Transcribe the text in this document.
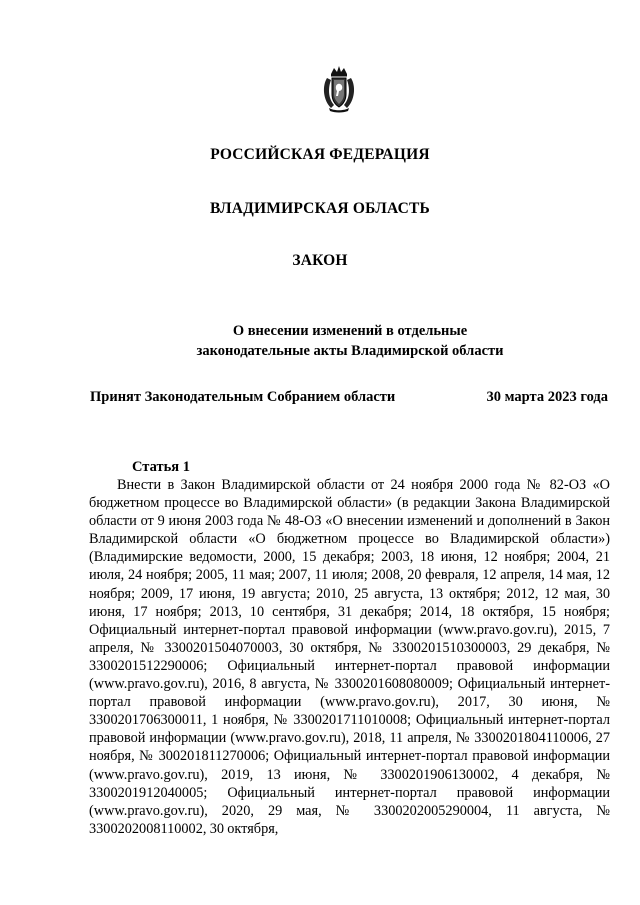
РОССИЙСКАЯ ФЕДЕРАЦИЯ
ВЛАДИМИРСКАЯ ОБЛАСТЬ
ЗАКОН
О внесении изменений в отдельные
законодательные акты Владимирской области
Принят Законодательным Собранием области	30 марта 2023 года
Статья 1

Внести в Закон Владимирской области от 24 ноября 2000 года № 82-ОЗ «О бюджетном процессе во Владимирской области» (в редакции Закона Владимирской области от 9 июня 2003 года № 48-ОЗ «О внесении изменений и дополнений в Закон Владимирской области «О бюджетном процессе во Владимирской области») (Владимирские ведомости, 2000, 15 декабря; 2003, 18 июня, 12 ноября; 2004, 21 июля, 24 ноября; 2005, 11 мая; 2007, 11 июля; 2008, 20 февраля, 12 апреля, 14 мая, 12 ноября; 2009, 17 июня, 19 августа; 2010, 25 августа, 13 октября; 2012, 12 мая, 30 июня, 17 ноября; 2013, 10 сентября, 31 декабря; 2014, 18 октября, 15 ноября; Официальный интернет-портал правовой информации (www.pravo.gov.ru), 2015, 7 апреля, № 3300201504070003, 30 октября, № 3300201510300003, 29 декабря, № 3300201512290006; Официальный интернет-портал правовой информации (www.pravo.gov.ru), 2016, 8 августа, № 3300201608080009; Официальный интернет-портал правовой информации (www.pravo.gov.ru), 2017, 30 июня, № 3300201706300011, 1 ноября, № 3300201711010008; Официальный интернет-портал правовой информации (www.pravo.gov.ru), 2018, 11 апреля, № 3300201804110006, 27 ноября, № 300201811270006; Официальный интернет-портал правовой информации (www.pravo.gov.ru), 2019, 13 июня, № 3300201906130002, 4 декабря, № 3300201912040005; Официальный интернет-портал правовой информации (www.pravo.gov.ru), 2020, 29 мая, № 3300202005290004, 11 августа, № 3300202008110002, 30 октября,
